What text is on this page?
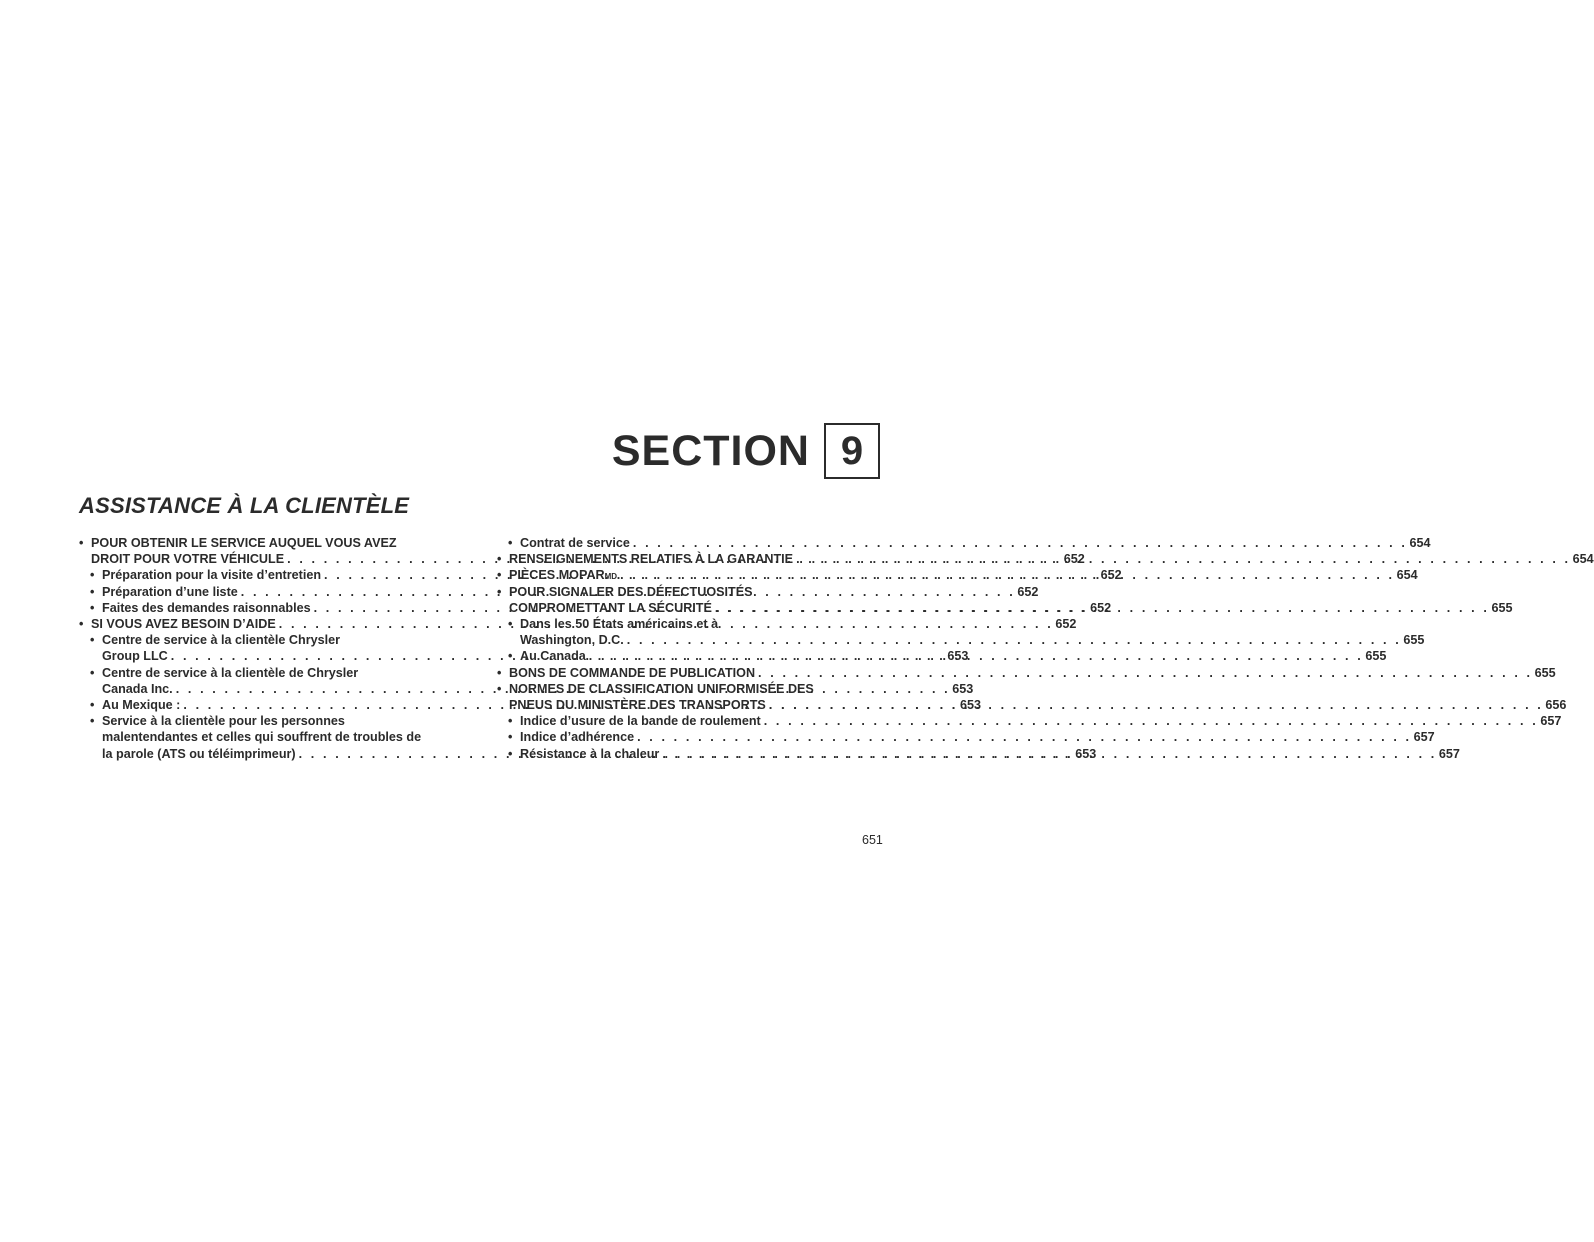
SECTION 9
ASSISTANCE À LA CLIENTÈLE
• POUR OBTENIR LE SERVICE AUQUEL VOUS AVEZ
DROIT POUR VOTRE VÉHICULE . . .	652
• Préparation pour la visite d’entretien . . .	652
• Préparation d’une liste . . .	652
• Faites des demandes raisonnables . . .	652
• SI VOUS AVEZ BESOIN D’AIDE . . .	652
• Centre de service à la clientèle Chrysler
Group LLC . . .	653
• Centre de service à la clientèle de Chrysler
Canada Inc. . . .	653
• Au Mexique : . . .	653
• Service à la clientèle pour les personnes
malentendantes et celles qui souffrent de troubles de
la parole (ATS ou téléimprimeur) . . .	653
• Contrat de service . . .	654
• RENSEIGNEMENTS RELATIFS À LA GARANTIE . . .	654
• PIÈCES MOPAR MD . . .	654
• POUR SIGNALER DES DÉFECTUOSITÉS
COMPROMETTANT LA SÉCURITÉ . . .	655
• Dans les 50 États américains et à
Washington, D.C. . . .	655
• Au Canada . . .	655
• BONS DE COMMANDE DE PUBLICATION . . .	655
• NORMES DE CLASSIFICATION UNIFORMISÉE DES
PNEUS DU MINISTÈRE DES TRANSPORTS . . .	656
• Indice d’usure de la bande de roulement . . .	657
• Indice d’adhérence . . .	657
• Résistance à la chaleur . . .	657
651
